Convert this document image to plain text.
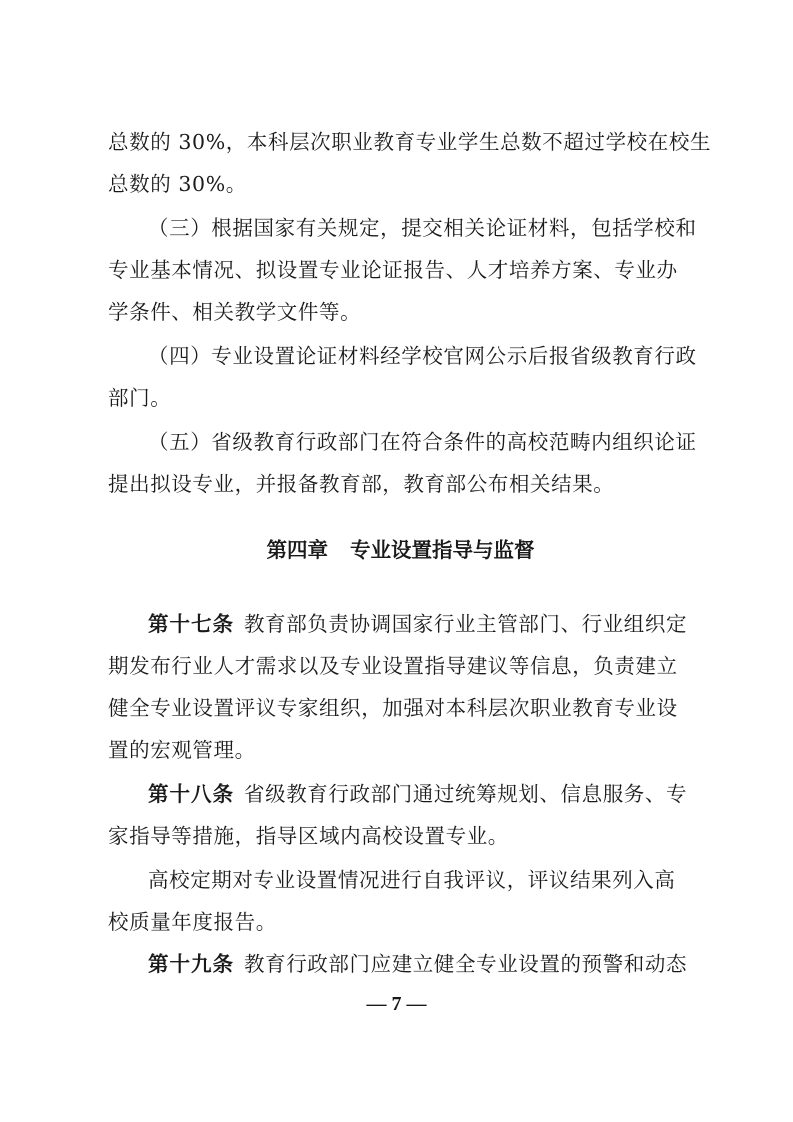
总数的 30%，本科层次职业教育专业学生总数不超过学校在校生
总数的 30%。
（三）根据国家有关规定，提交相关论证材料，包括学校和
专业基本情况、拟设置专业论证报告、人才培养方案、专业办
学条件、相关教学文件等。
（四）专业设置论证材料经学校官网公示后报省级教育行政
部门。
（五）省级教育行政部门在符合条件的高校范畴内组织论证
提出拟设专业，并报备教育部，教育部公布相关结果。
第四章 专业设置指导与监督
第十七条 教育部负责协调国家行业主管部门、行业组织定
期发布行业人才需求以及专业设置指导建议等信息，负责建立
健全专业设置评议专家组织，加强对本科层次职业教育专业设
置的宏观管理。
第十八条 省级教育行政部门通过统筹规划、信息服务、专
家指导等措施，指导区域内高校设置专业。
高校定期对专业设置情况进行自我评议，评议结果列入高
校质量年度报告。
第十九条 教育行政部门应建立健全专业设置的预警和动态
— 7 —
